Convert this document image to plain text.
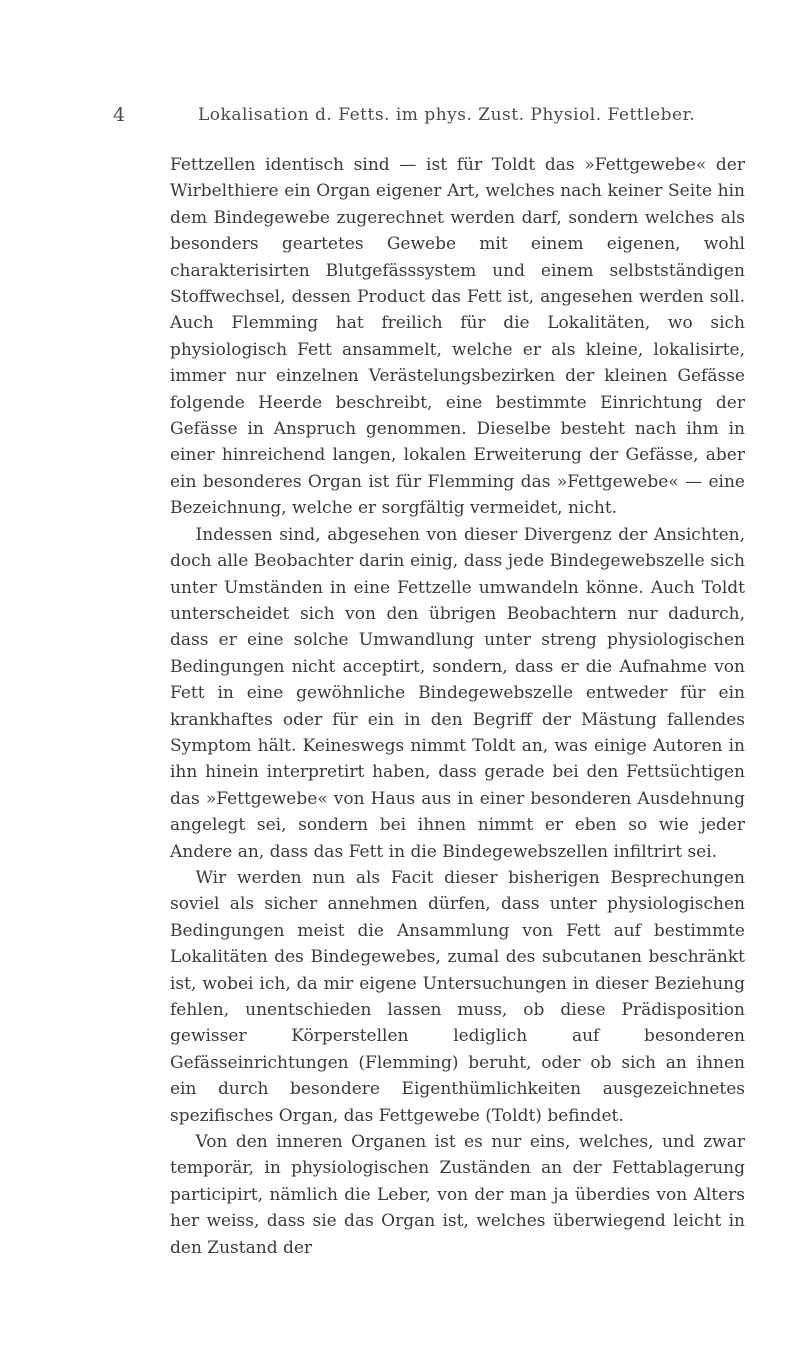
4	Lokalisation d. Fetts. im phys. Zust. Physiol. Fettleber.

Fettzellen identisch sind — ist für Toldt das »Fettgewebe« der Wirbelthiere ein Organ eigener Art, welches nach keiner Seite hin dem Bindegewebe zugerechnet werden darf, sondern welches als besonders geartetes Gewebe mit einem eigenen, wohl charakterisirten Blutgefässsystem und einem selbstständigen Stoffwechsel, dessen Product das Fett ist, angesehen werden soll. Auch Flemming hat freilich für die Lokalitäten, wo sich physiologisch Fett ansammelt, welche er als kleine, lokalisirte, immer nur einzelnen Verästelungsbezirken der kleinen Gefässe folgende Heerde beschreibt, eine bestimmte Einrichtung der Gefässe in Anspruch genommen. Dieselbe besteht nach ihm in einer hinreichend langen, lokalen Erweiterung der Gefässe, aber ein besonderes Organ ist für Flemming das »Fettgewebe« — eine Bezeichnung, welche er sorgfältig vermeidet, nicht.

Indessen sind, abgesehen von dieser Divergenz der Ansichten, doch alle Beobachter darin einig, dass jede Bindegewebszelle sich unter Umständen in eine Fettzelle umwandeln könne. Auch Toldt unterscheidet sich von den übrigen Beobachtern nur dadurch, dass er eine solche Umwandlung unter streng physiologischen Bedingungen nicht acceptirt, sondern, dass er die Aufnahme von Fett in eine gewöhnliche Bindegewebszelle entweder für ein krankhaftes oder für ein in den Begriff der Mästung fallendes Symptom hält. Keineswegs nimmt Toldt an, was einige Autoren in ihn hinein interpretirt haben, dass gerade bei den Fettsüchtigen das »Fettgewebe« von Haus aus in einer besonderen Ausdehnung angelegt sei, sondern bei ihnen nimmt er eben so wie jeder Andere an, dass das Fett in die Bindegewebszellen infiltrirt sei.

Wir werden nun als Facit dieser bisherigen Besprechungen soviel als sicher annehmen dürfen, dass unter physiologischen Bedingungen meist die Ansammlung von Fett auf bestimmte Lokalitäten des Bindegewebes, zumal des subcutanen beschränkt ist, wobei ich, da mir eigene Untersuchungen in dieser Beziehung fehlen, unentschieden lassen muss, ob diese Prädisposition gewisser Körperstellen lediglich auf besonderen Gefässeinrichtungen (Flemming) beruht, oder ob sich an ihnen ein durch besondere Eigenthümlichkeiten ausgezeichnetes spezifisches Organ, das Fettgewebe (Toldt) befindet.

Von den inneren Organen ist es nur eins, welches, und zwar temporär, in physiologischen Zuständen an der Fettablagerung participirt, nämlich die Leber, von der man ja überdies von Alters her weiss, dass sie das Organ ist, welches überwiegend leicht in den Zustand der
